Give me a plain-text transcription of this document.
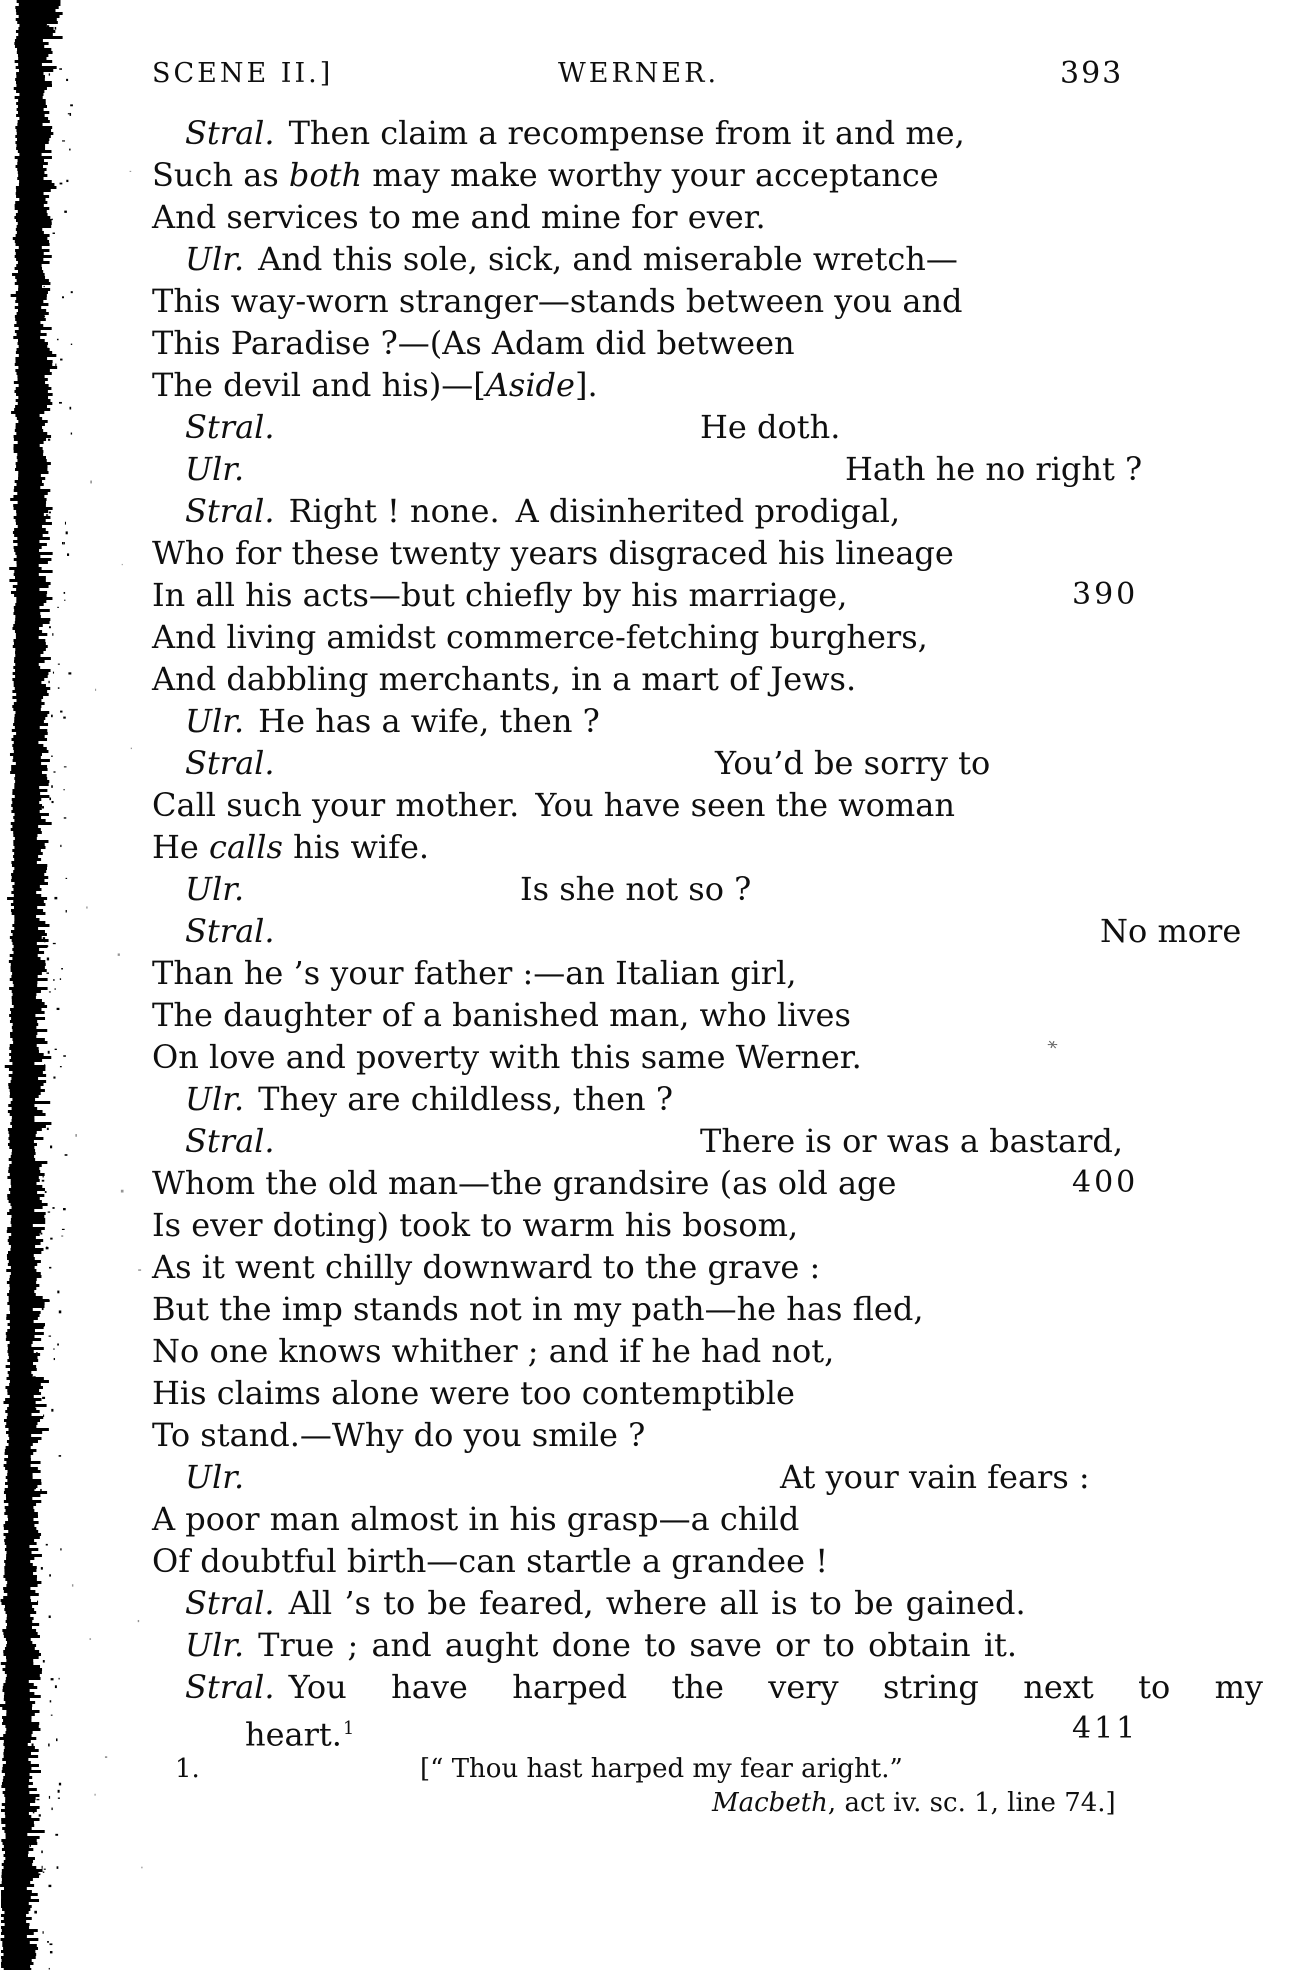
SCENE II.]	WERNER.	393
Stral. Then claim a recompense from it and me,
Such as both may make worthy your acceptance
And services to me and mine for ever.
Ulr. And this sole, sick, and miserable wretch—
This way-worn stranger—stands between you and
This Paradise ?—(As Adam did between
The devil and his)—[Aside].
Stral.	He doth.
Ulr.	Hath he no right ?
Stral. Right ! none. A disinherited prodigal,
Who for these twenty years disgraced his lineage
In all his acts—but chiefly by his marriage,	390
And living amidst commerce-fetching burghers,
And dabbling merchants, in a mart of Jews.
Ulr. He has a wife, then ?
Stral.	You’d be sorry to
Call such your mother. You have seen the woman
He calls his wife.
Ulr.	Is she not so ?
Stral.	No more
Than he ’s your father :—an Italian girl,
The daughter of a banished man, who lives
On love and poverty with this same Werner.
Ulr. They are childless, then ?
Stral.	There is or was a bastard,
Whom the old man—the grandsire (as old age	400
Is ever doting) took to warm his bosom,
As it went chilly downward to the grave :
But the imp stands not in my path—he has fled,
No one knows whither ; and if he had not,
His claims alone were too contemptible
To stand.—Why do you smile ?
Ulr.	At your vain fears :
A poor man almost in his grasp—a child
Of doubtful birth—can startle a grandee !
Stral. All ’s to be feared, where all is to be gained.
Ulr. True ; and aught done to save or to obtain it.
Stral. You have harped the very string next to my
heart.$^1$	411
∗
1.	[“ Thou hast harped my fear aright.”
Macbeth, act iv. sc. 1, line 74.]
